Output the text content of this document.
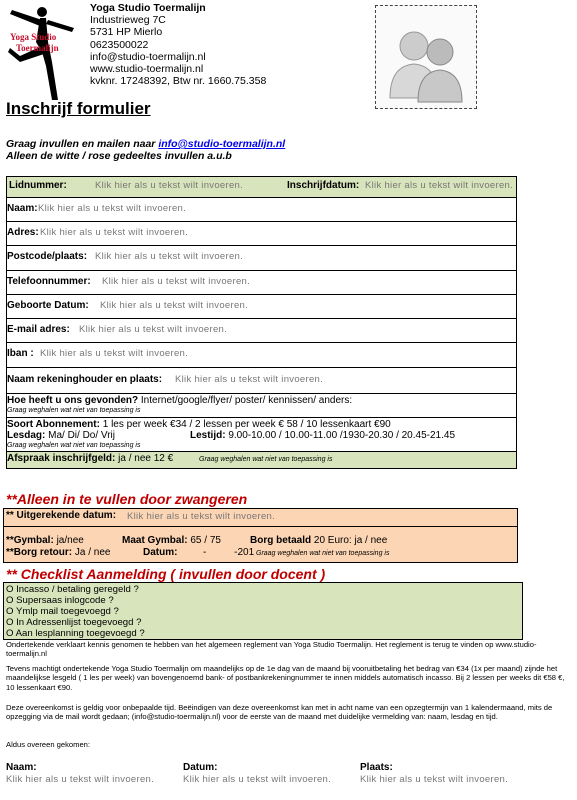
Yoga Studio
Toermalijn
Yoga Studio Toermalijn
Industrieweg 7C
5731 HP Mierlo
0623500022
info@studio-toermalijn.nl
www.studio-toermalijn.nl
kvknr. 17248392, Btw nr. 1660.75.358
Inschrijf formulier
Graag invullen en mailen naar info@studio-toermalijn.nl
Alleen de witte / rose gedeeltes invullen a.u.b
Lidnummer:	Klik hier als u tekst wilt invoeren.	Inschrijfdatum: Klik hier als u tekst wilt invoeren.
Naam: Klik hier als u tekst wilt invoeren.
Adres: Klik hier als u tekst wilt invoeren.
Postcode/plaats: Klik hier als u tekst wilt invoeren.
Telefoonnummer: Klik hier als u tekst wilt invoeren.
Geboorte Datum: Klik hier als u tekst wilt invoeren.
E-mail adres: Klik hier als u tekst wilt invoeren.
Iban : Klik hier als u tekst wilt invoeren.
Naam rekeninghouder en plaats: Klik hier als u tekst wilt invoeren.
Hoe heeft u ons gevonden? Internet/google/flyer/ poster/ kennissen/ anders:
Graag weghalen wat niet van toepassing is
Soort Abonnement: 1 les per week €34 / 2 lessen per week € 58 / 10 lessenkaart €90
Lesdag: Ma/ Di/ Do/ Vrij	Lestijd: 9.00-10.00 / 10.00-11.00 /1930-20.30 / 20.45-21.45
Graag weghalen wat niet van toepassing is
Afspraak inschrijfgeld: ja / nee 12 €	Graag weghalen wat niet van toepassing is
**Alleen in te vullen door zwangeren
** Uitgerekende datum: Klik hier als u tekst wilt invoeren.
**Gymbal: ja/nee	Maat Gymbal: 65 / 75	Borg betaald 20 Euro: ja / nee
**Borg retour: Ja / nee	Datum:	-          -201 Graag weghalen wat niet van toepassing is
** Checklist Aanmelding ( invullen door docent )
O Incasso / betaling geregeld ?
O Supersaas inlogcode ?
O Ymlp mail toegevoegd ?
O In Adressenlijst toegevoegd ?
O Aan lesplanning toegevoegd ?
Ondertekende verklaart kennis genomen te hebben van het algemeen reglement van Yoga Studio Toermalijn. Het reglement is terug te vinden op www.studio-toermalijn.nl
Tevens machtigt ondertekende Yoga Studio Toermalijn om maandelijks op de 1e dag van de maand bij vooruitbetaling het bedrag van €34 (1x per maand) zijnde het maandelijkse lesgeld ( 1 les per week) van bovengenoemd bank- of postbankrekeningnummer te innen middels automatisch incasso. Bij 2 lessen per weeks dit €58 €, 10 lessenkaart €90.
Deze overeenkomst is geldig voor onbepaalde tijd. Beëindigen van deze overeenkomst kan met in acht name van een opzegtermijn van 1 kalendermaand, mits de opzegging via de mail wordt gedaan; (info@studio-toermalijn.nl) voor de eerste van de maand met duidelijke vermelding van: naam, lesdag en tijd.
Aldus overeen gekomen:
Naam:
Klik hier als u tekst wilt invoeren.
Datum:
Klik hier als u tekst wilt invoeren.
Plaats:
Klik hier als u tekst wilt invoeren.
